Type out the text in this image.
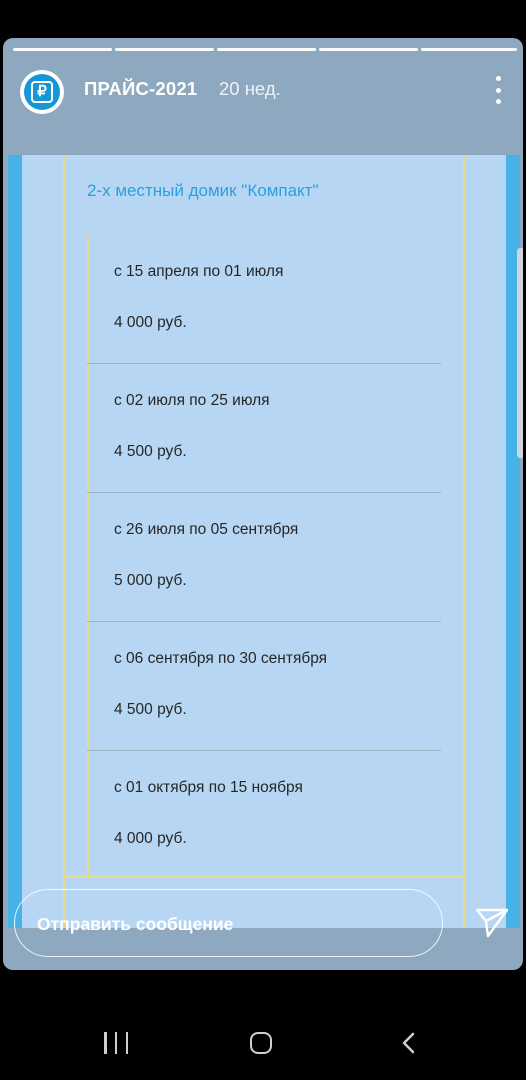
₽	ПРАЙС-2021 20 нед.
2-х местный домик "Компакт"
с 15 апреля по 01 июля
4 000 руб.
с 02 июля по 25 июля
4 500 руб.
с 26 июля по 05 сентября
5 000 руб.
с 06 сентября по 30 сентября
4 500 руб.
с 01 октября по 15 ноября
4 000 руб.
Отправить сообщение
